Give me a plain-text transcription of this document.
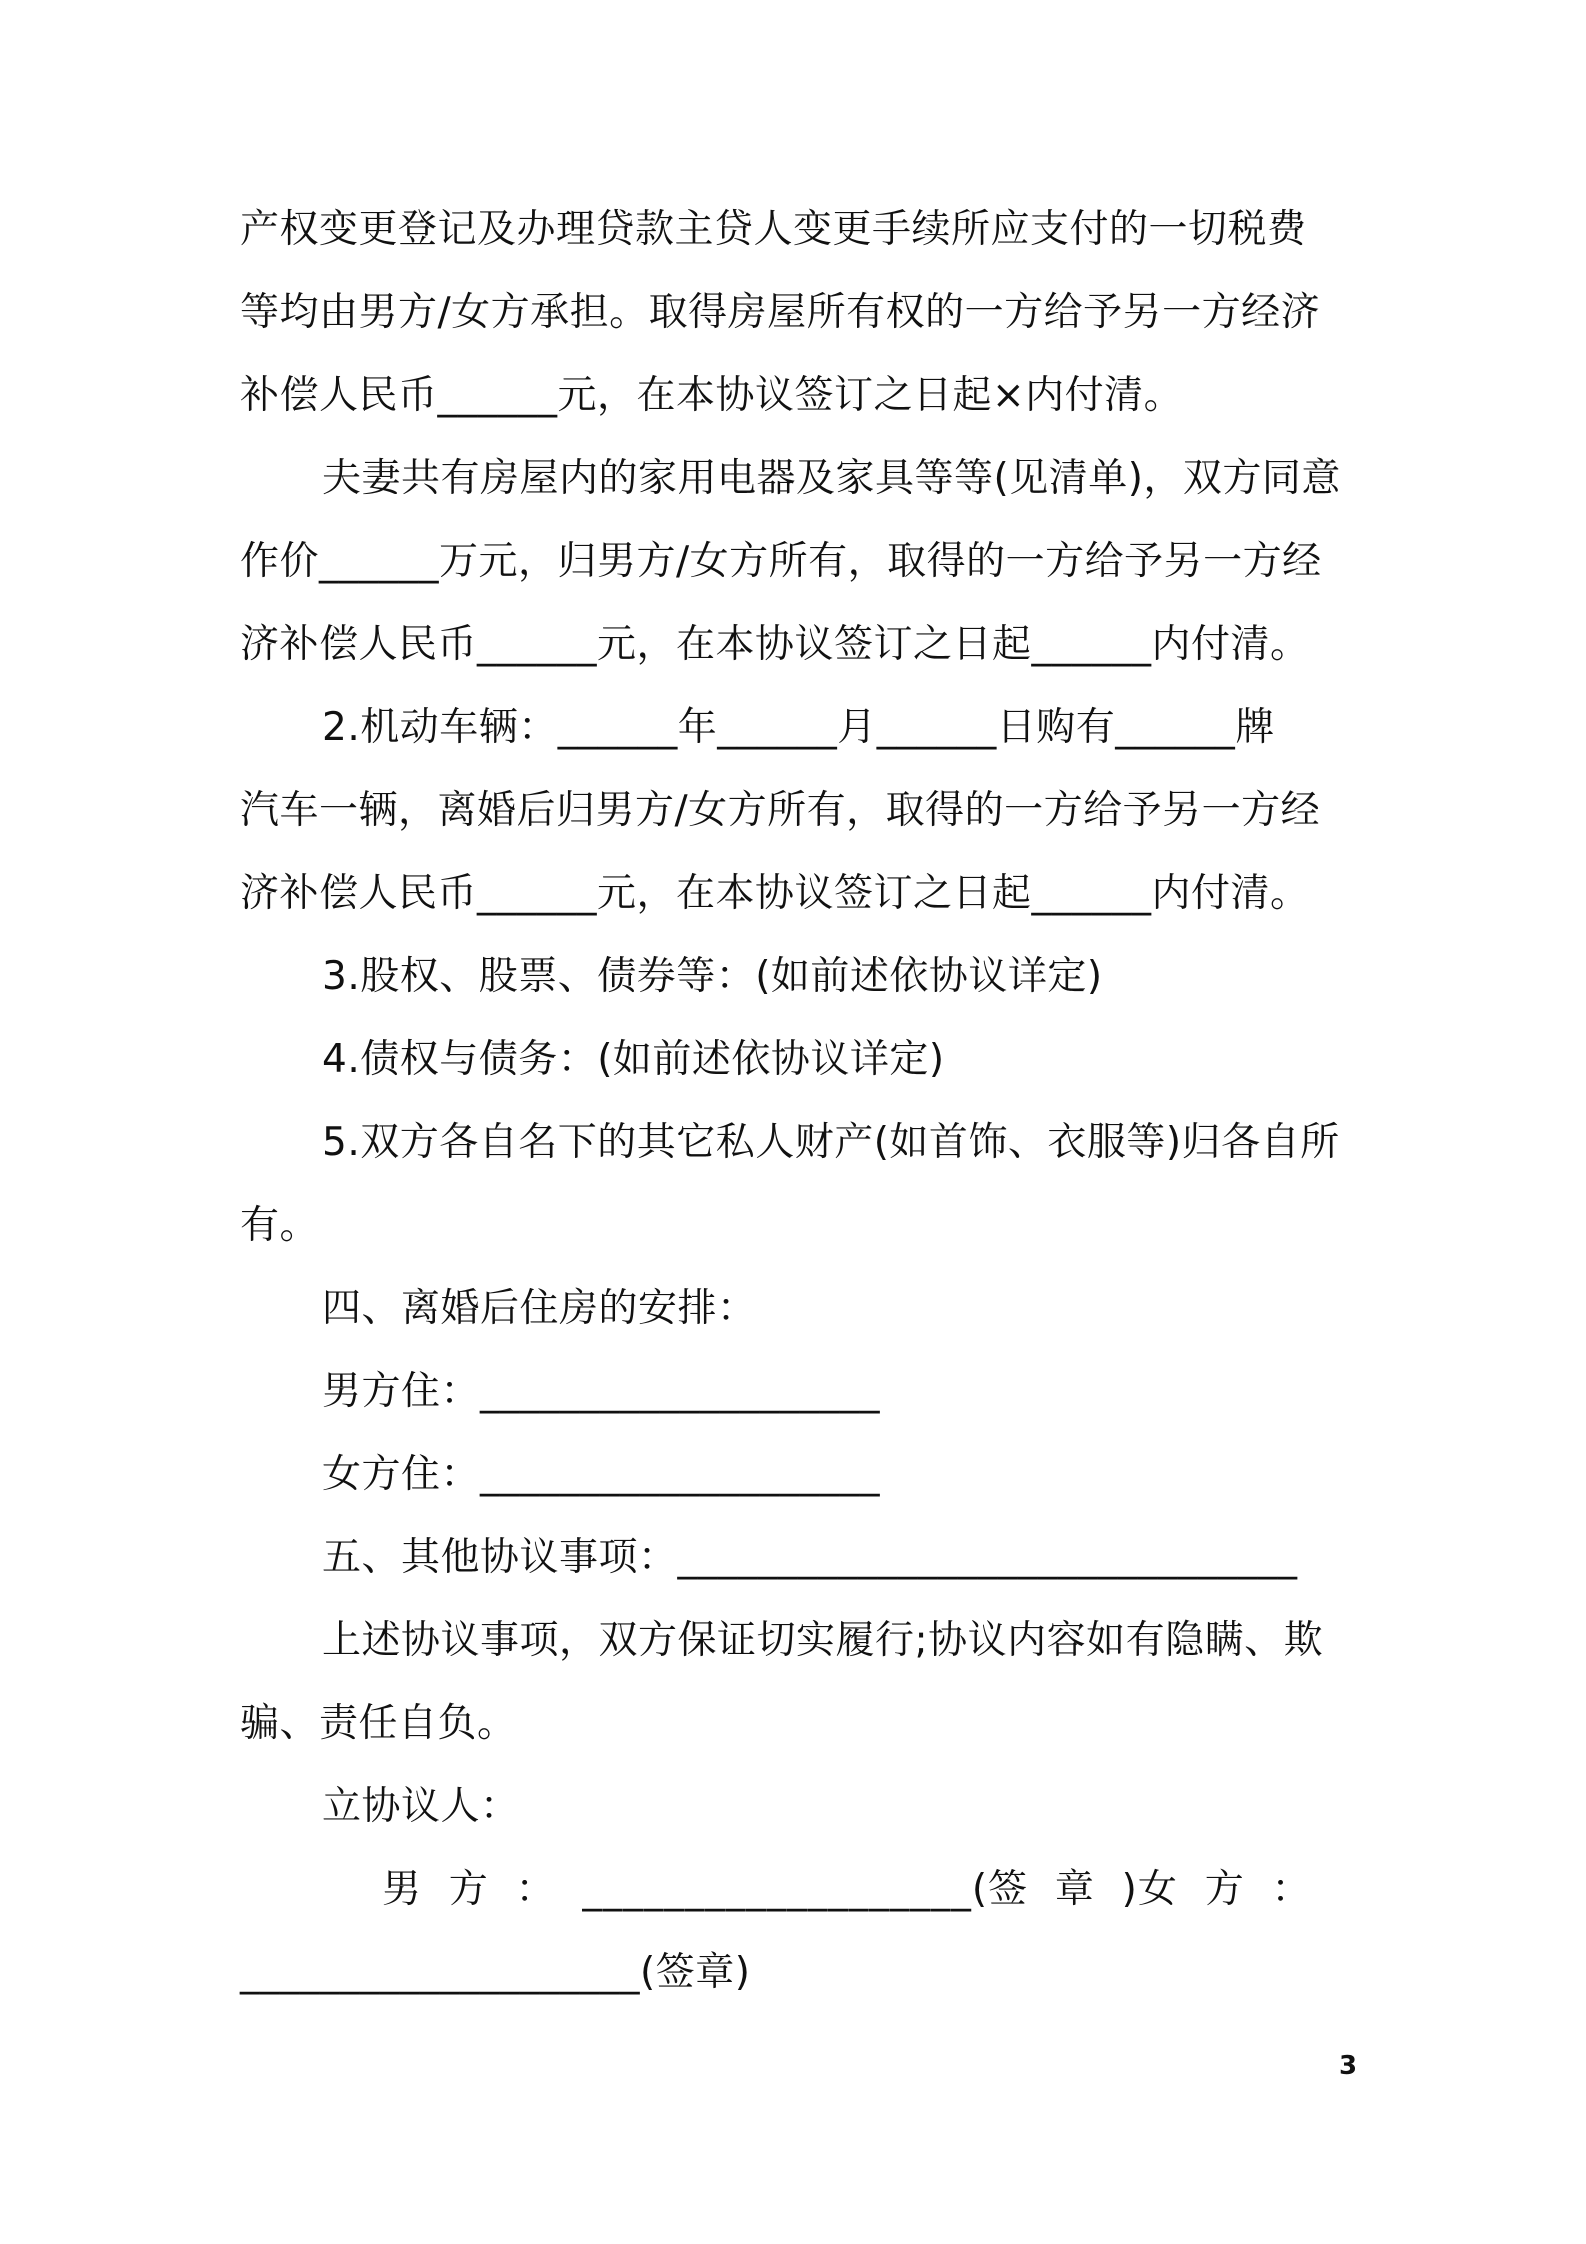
产权变更登记及办理贷款主贷人变更手续所应支付的一切税费
等均由男方/女方承担。取得房屋所有权的一方给予另一方经济
补偿人民币______元，在本协议签订之日起×内付清。
夫妻共有房屋内的家用电器及家具等等(见清单)，双方同意
作价______万元，归男方/女方所有，取得的一方给予另一方经
济补偿人民币______元，在本协议签订之日起______内付清。
2.机动车辆：______年______月______日购有______牌
汽车一辆，离婚后归男方/女方所有，取得的一方给予另一方经
济补偿人民币______元，在本协议签订之日起______内付清。
3.股权、股票、债券等：(如前述依协议详定)
4.债权与债务：(如前述依协议详定)
5.双方各自名下的其它私人财产(如首饰、衣服等)归各自所
有。
四、离婚后住房的安排：
男方住：____________________
女方住：____________________
五、其他协议事项：_______________________________
上述协议事项，双方保证切实履行;协议内容如有隐瞒、欺
骗、责任自负。
立协议人：
男  方  ：  ___________________(签  章  )女  方  ：
____________________(签章)
3
